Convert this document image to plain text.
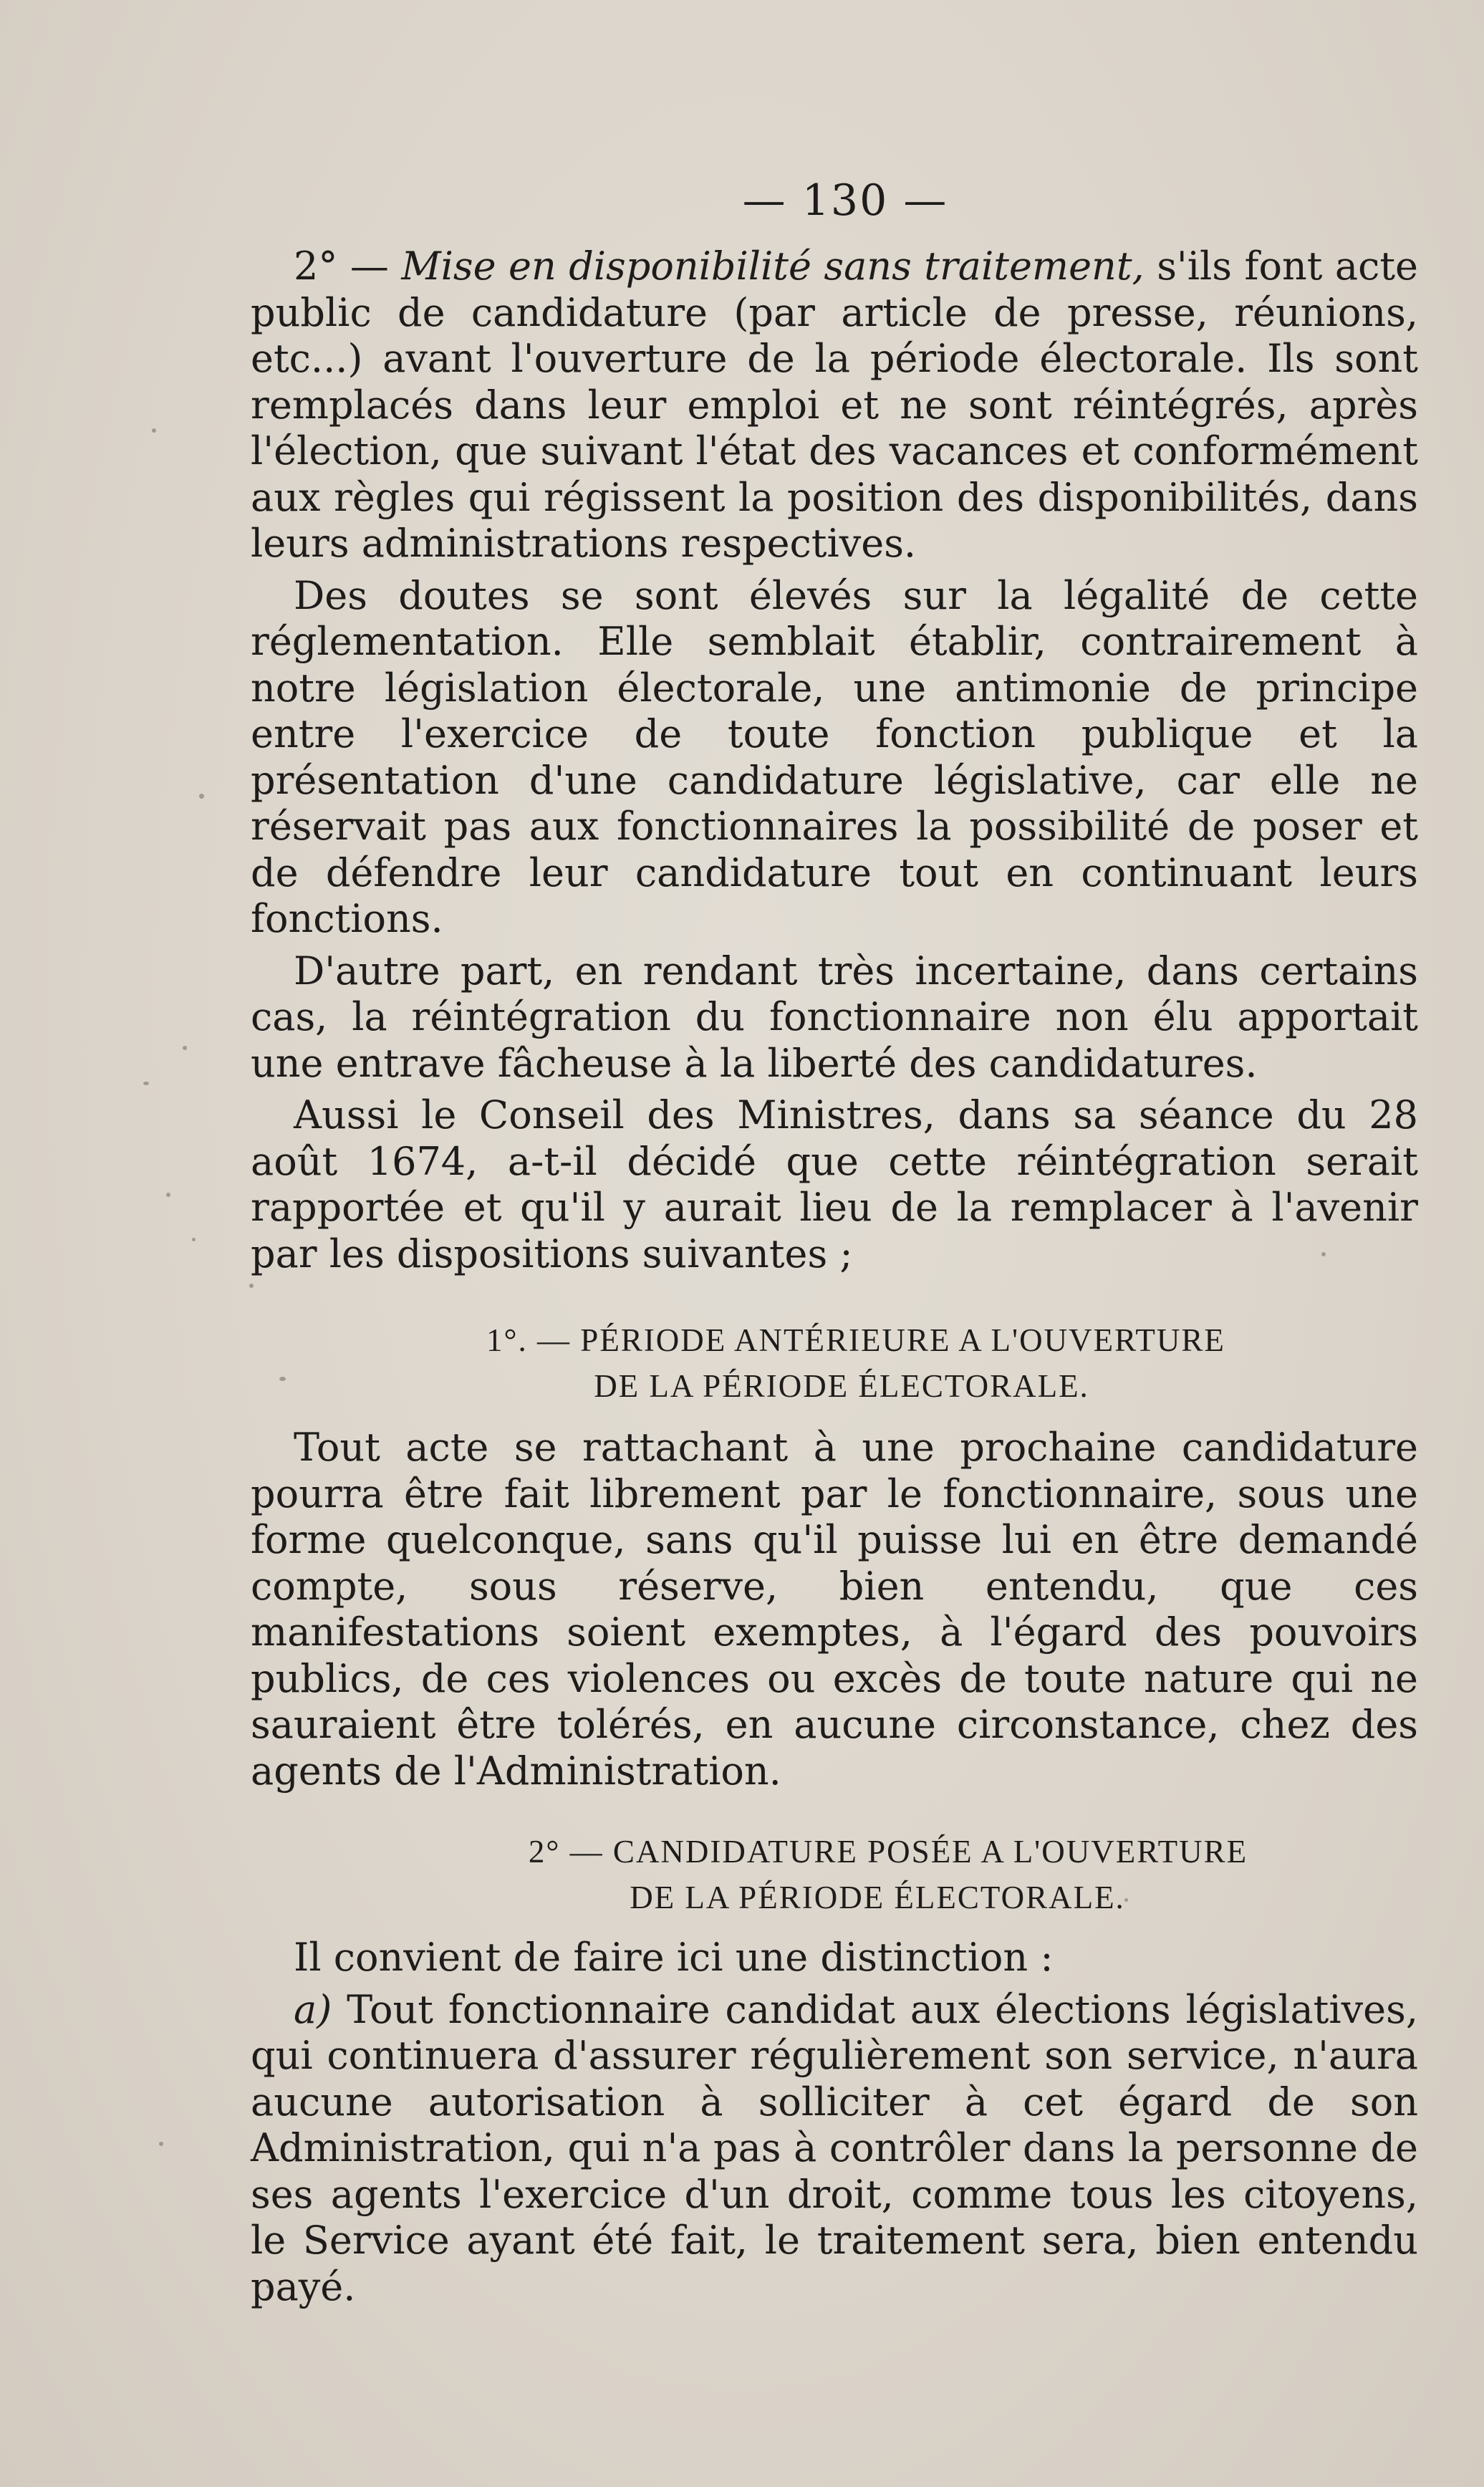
— 130 —

2° — Mise en disponibilité sans traitement, s'ils font acte public de candidature (par article de presse, réunions, etc...) avant l'ouverture de la période électorale. Ils sont remplacés dans leur emploi et ne sont réintégrés, après l'élection, que suivant l'état des vacances et conformément aux règles qui régissent la position des disponibilités, dans leurs administrations respectives.

Des doutes se sont élevés sur la légalité de cette réglementation. Elle semblait établir, contrairement à notre législation électorale, une antimonie de principe entre l'exercice de toute fonction publique et la présentation d'une candidature législative, car elle ne réservait pas aux fonctionnaires la possibilité de poser et de défendre leur candidature tout en continuant leurs fonctions.

D'autre part, en rendant très incertaine, dans certains cas, la réintégration du fonctionnaire non élu apportait une entrave fâcheuse à la liberté des candidatures.

Aussi le Conseil des Ministres, dans sa séance du 28 août 1674, a-t-il décidé que cette réintégration serait rapportée et qu'il y aurait lieu de la remplacer à l'avenir par les dispositions suivantes ;

1°. — PÉRIODE ANTÉRIEURE A L'OUVERTURE

DE LA PÉRIODE ÉLECTORALE.

Tout acte se rattachant à une prochaine candidature pourra être fait librement par le fonctionnaire, sous une forme quelconque, sans qu'il puisse lui en être demandé compte, sous réserve, bien entendu, que ces manifestations soient exemptes, à l'égard des pouvoirs publics, de ces violences ou excès de toute nature qui ne sauraient être tolérés, en aucune circonstance, chez des agents de l'Administration.

2° — CANDIDATURE POSÉE A L'OUVERTURE

DE LA PÉRIODE ÉLECTORALE.

Il convient de faire ici une distinction :

a) Tout fonctionnaire candidat aux élections législatives, qui continuera d'assurer régulièrement son service, n'aura aucune autorisation à solliciter à cet égard de son Administration, qui n'a pas à contrôler dans la personne de ses agents l'exercice d'un droit, comme tous les citoyens, le Service ayant été fait, le traitement sera, bien entendu payé.
